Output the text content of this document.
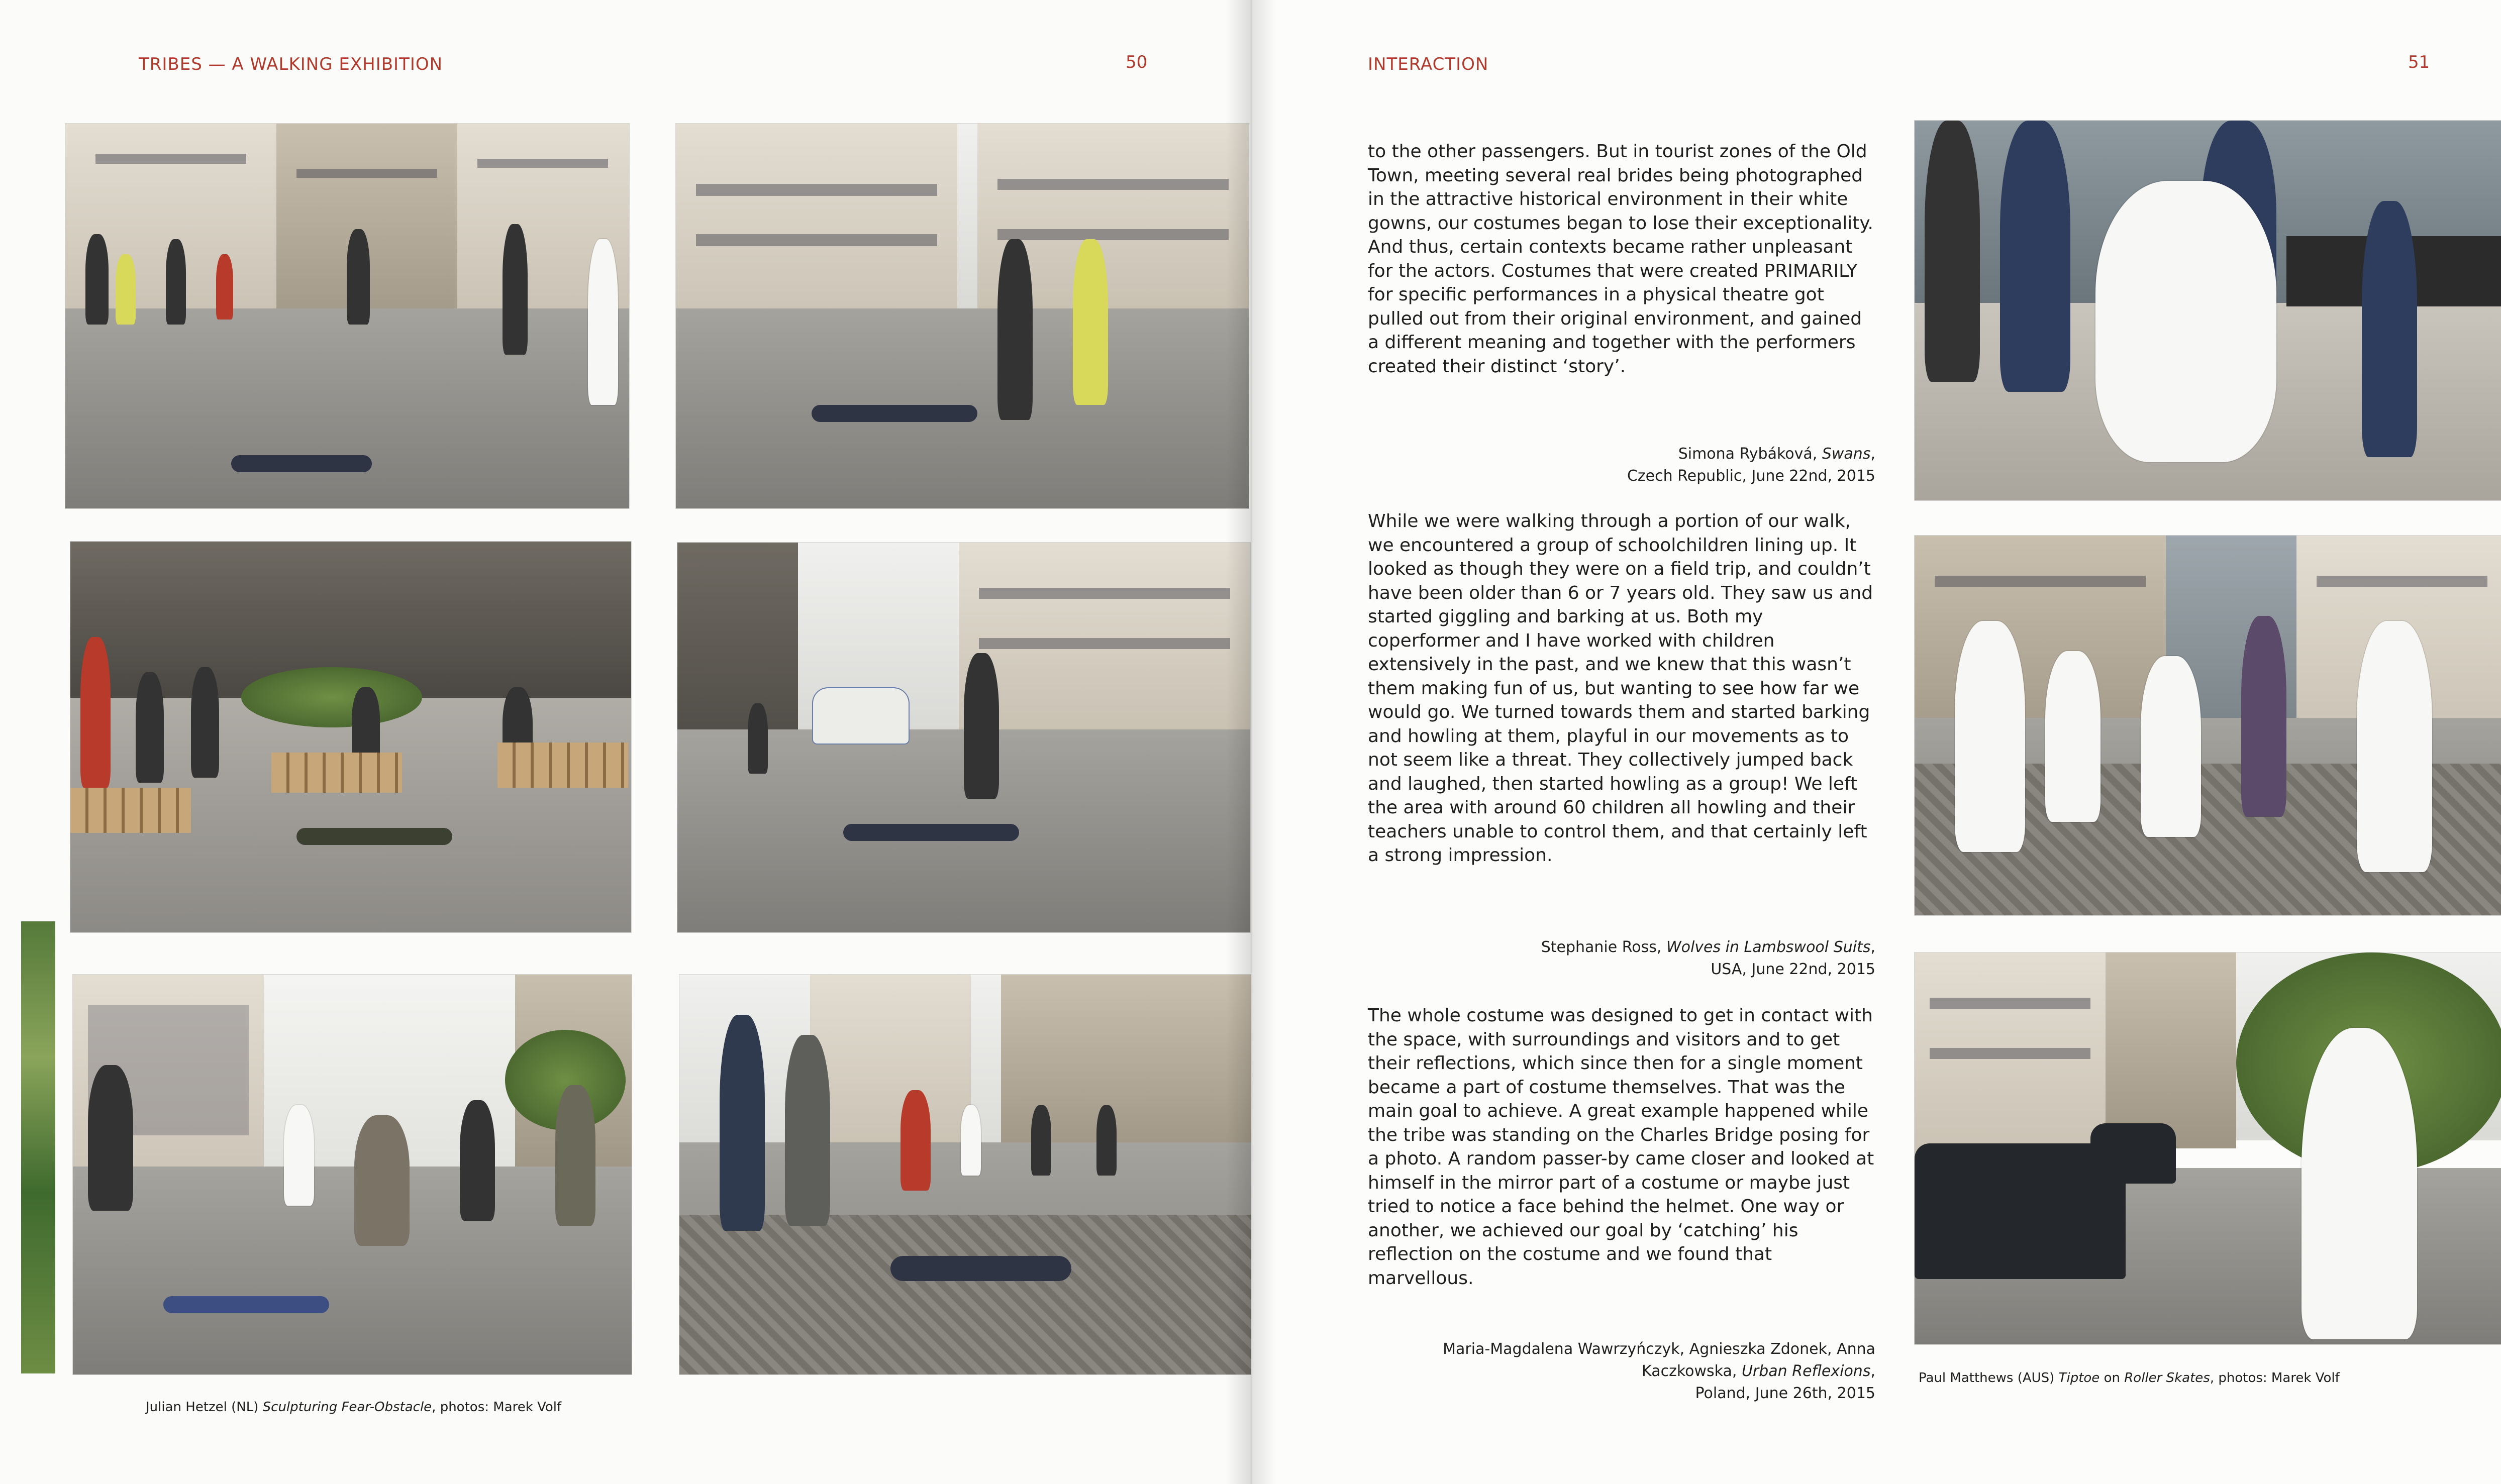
TRIBES — A WALKING EXHIBITION	50
Julian Hetzel (NL) Sculpturing Fear-Obstacle, photos: Marek Volf
INTERACTION	51

to the other passengers. But in tourist zones of the Old Town, meeting several real brides being photographed in the attractive historical environment in their white gowns, our costumes began to lose their exceptionality. And thus, certain contexts became rather unpleasant for the actors. Costumes that were created PRIMARILY for specific performances in a physical theatre got pulled out from their original environment, and gained a different meaning and together with the performers created their distinct ‘story’.

Simona Rybáková, Swans,
Czech Republic, June 22nd, 2015

While we were walking through a portion of our walk, we encountered a group of schoolchildren lining up. It looked as though they were on a field trip, and couldn’t have been older than 6 or 7 years old. They saw us and started giggling and barking at us. Both my coperformer and I have worked with children extensively in the past, and we knew that this wasn’t them making fun of us, but wanting to see how far we would go. We turned towards them and started barking and howling at them, playful in our movements as to not seem like a threat. They collectively jumped back and laughed, then started howling as a group! We left the area with around 60 children all howling and their teachers unable to control them, and that certainly left a strong impression.

Stephanie Ross, Wolves in Lambswool Suits,
USA, June 22nd, 2015

The whole costume was designed to get in contact with the space, with surroundings and visitors and to get their reflections, which since then for a single moment became a part of costume themselves. That was the main goal to achieve. A great example happened while the tribe was standing on the Charles Bridge posing for a photo. A random passer-by came closer and looked at himself in the mirror part of a costume or maybe just tried to notice a face behind the helmet. One way or another, we achieved our goal by ‘catching’ his reflection on the costume and we found that marvellous.

Maria-Magdalena Wawrzyńczyk, Agnieszka Zdonek, Anna
Kaczkowska, Urban Reflexions,
Poland, June 26th, 2015

Paul Matthews (AUS) Tiptoe on Roller Skates, photos: Marek Volf
